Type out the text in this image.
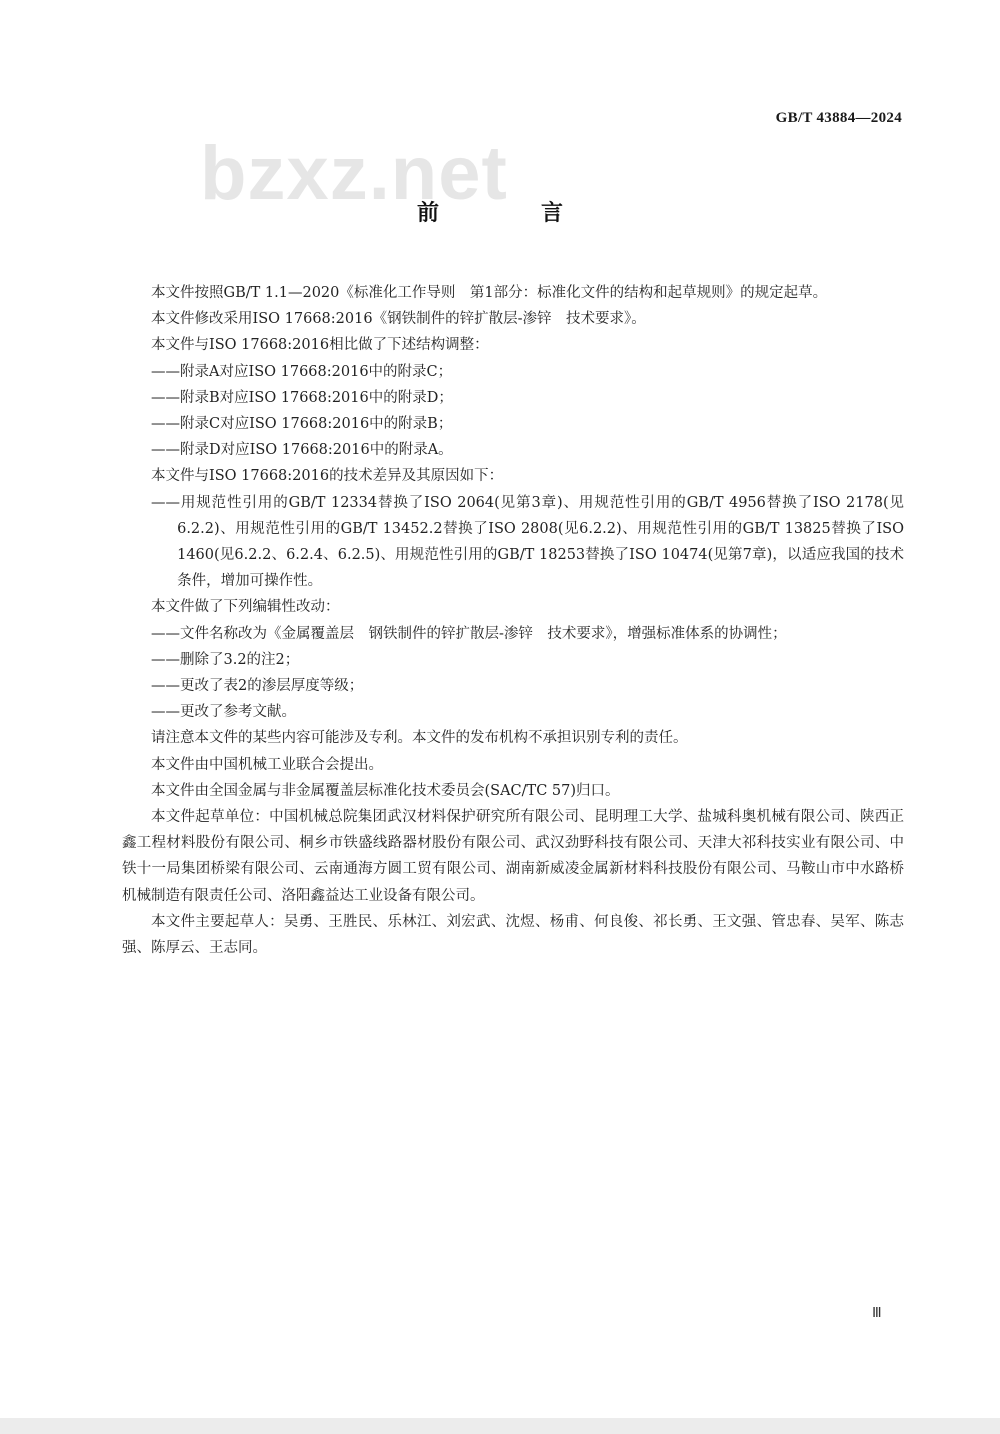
GB/T 43884—2024
bzxz.net
前　言

本文件按照GB/T 1.1—2020《标准化工作导则　第1部分：标准化文件的结构和起草规则》的规定起草。

本文件修改采用ISO 17668:2016《钢铁制件的锌扩散层-渗锌　技术要求》。

本文件与ISO 17668:2016相比做了下述结构调整：

——附录A对应ISO 17668:2016中的附录C；

——附录B对应ISO 17668:2016中的附录D；

——附录C对应ISO 17668:2016中的附录B；

——附录D对应ISO 17668:2016中的附录A。

本文件与ISO 17668:2016的技术差异及其原因如下：

——用规范性引用的GB/T 12334替换了ISO 2064(见第3章)、用规范性引用的GB/T 4956替换了ISO 2178(见6.2.2)、用规范性引用的GB/T 13452.2替换了ISO 2808(见6.2.2)、用规范性引用的GB/T 13825替换了ISO 1460(见6.2.2、6.2.4、6.2.5)、用规范性引用的GB/T 18253替换了ISO 10474(见第7章)，以适应我国的技术条件，增加可操作性。

本文件做了下列编辑性改动：

——文件名称改为《金属覆盖层　钢铁制件的锌扩散层-渗锌　技术要求》，增强标准体系的协调性；

——删除了3.2的注2；

——更改了表2的渗层厚度等级；

——更改了参考文献。

请注意本文件的某些内容可能涉及专利。本文件的发布机构不承担识别专利的责任。

本文件由中国机械工业联合会提出。

本文件由全国金属与非金属覆盖层标准化技术委员会(SAC/TC 57)归口。

本文件起草单位：中国机械总院集团武汉材料保护研究所有限公司、昆明理工大学、盐城科奥机械有限公司、陕西正鑫工程材料股份有限公司、桐乡市铁盛线路器材股份有限公司、武汉劲野科技有限公司、天津大祁科技实业有限公司、中铁十一局集团桥梁有限公司、云南通海方圆工贸有限公司、湖南新威凌金属新材料科技股份有限公司、马鞍山市中水路桥机械制造有限责任公司、洛阳鑫益达工业设备有限公司。

本文件主要起草人：吴勇、王胜民、乐林江、刘宏武、沈煜、杨甫、何良俊、祁长勇、王文强、管忠春、吴军、陈志强、陈厚云、王志同。

Ⅲ
